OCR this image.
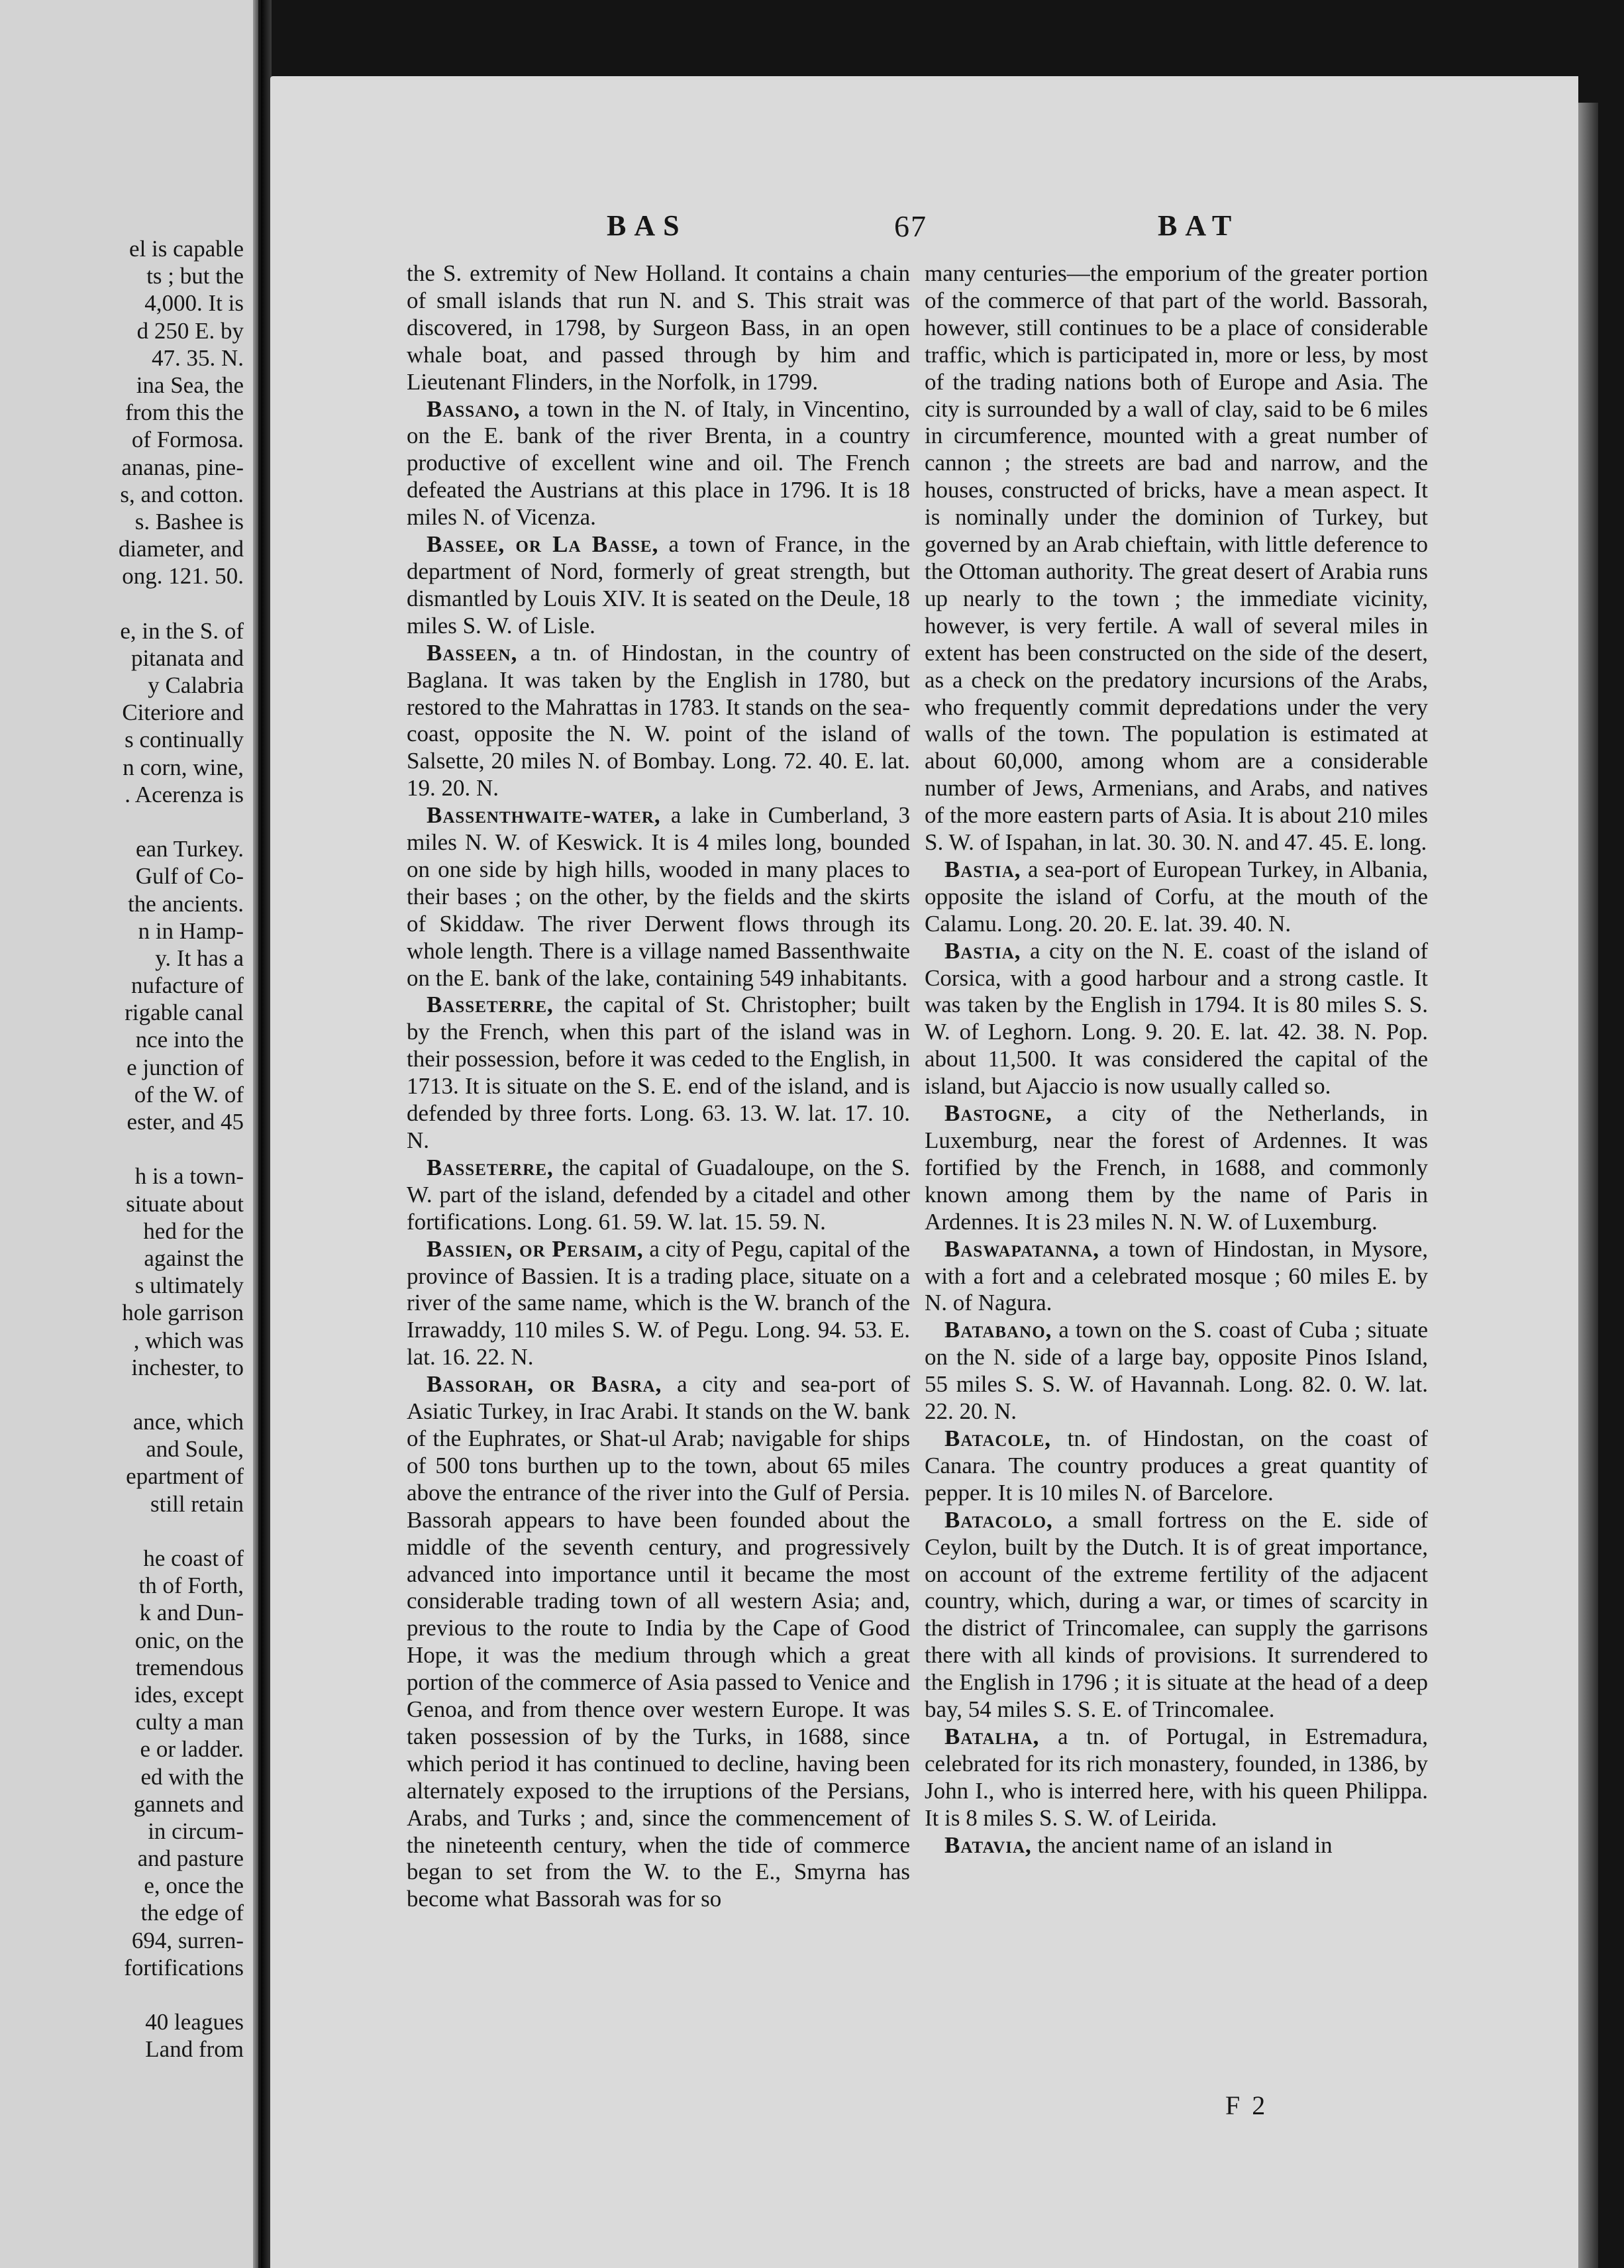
el is capable
ts ; but the
4,000. It is
d 250 E. by
47. 35. N.
ina Sea, the
from this the
of Formosa.
ananas, pine-
s, and cotton.
s. Bashee is
diameter, and
ong. 121. 50.
e, in the S. of
pitanata and
y Calabria
Citeriore and
s continually
n corn, wine,
. Acerenza is
ean Turkey.
Gulf of Co-
the ancients.
n in Hamp-
y. It has a
nufacture of
rigable canal
nce into the
e junction of
of the W. of
ester, and 45
h is a town-
situate about
hed for the
against the
s ultimately
hole garrison
, which was
inchester, to
ance, which
and Soule,
epartment of
still retain
he coast of
th of Forth,
k and Dun-
onic, on the
tremendous
ides, except
culty a man
e or ladder.
ed with the
gannets and
in circum-
and pasture
e, once the
the edge of
694, surren-
fortifications
40 leagues
Land from
BAS	67	BAT

the S. extremity of New Holland. It contains a chain of small islands that run N. and S. This strait was discovered, in 1798, by Surgeon Bass, in an open whale boat, and passed through by him and Lieutenant Flinders, in the Norfolk, in 1799.

Bassano, a town in the N. of Italy, in Vincentino, on the E. bank of the river Brenta, in a country productive of excellent wine and oil. The French defeated the Austrians at this place in 1796. It is 18 miles N. of Vicenza.

Bassee, or La Basse, a town of France, in the department of Nord, formerly of great strength, but dismantled by Louis XIV. It is seated on the Deule, 18 miles S. W. of Lisle.

Basseen, a tn. of Hindostan, in the country of Baglana. It was taken by the English in 1780, but restored to the Mahrattas in 1783. It stands on the sea-coast, opposite the N. W. point of the island of Salsette, 20 miles N. of Bombay. Long. 72. 40. E. lat. 19. 20. N.

Bassenthwaite-water, a lake in Cumberland, 3 miles N. W. of Keswick. It is 4 miles long, bounded on one side by high hills, wooded in many places to their bases ; on the other, by the fields and the skirts of Skiddaw. The river Derwent flows through its whole length. There is a village named Bassenthwaite on the E. bank of the lake, containing 549 inhabitants.

Basseterre, the capital of St. Christopher; built by the French, when this part of the island was in their possession, before it was ceded to the English, in 1713. It is situate on the S. E. end of the island, and is defended by three forts. Long. 63. 13. W. lat. 17. 10. N.

Basseterre, the capital of Guadaloupe, on the S. W. part of the island, defended by a citadel and other fortifications. Long. 61. 59. W. lat. 15. 59. N.

Bassien, or Persaim, a city of Pegu, capital of the province of Bassien. It is a trading place, situate on a river of the same name, which is the W. branch of the Irrawaddy, 110 miles S. W. of Pegu. Long. 94. 53. E. lat. 16. 22. N.

Bassorah, or Basra, a city and sea-port of Asiatic Turkey, in Irac Arabi. It stands on the W. bank of the Euphrates, or Shat-ul Arab; navigable for ships of 500 tons burthen up to the town, about 65 miles above the entrance of the river into the Gulf of Persia. Bassorah appears to have been founded about the middle of the seventh century, and progressively advanced into importance until it became the most considerable trading town of all western Asia; and, previous to the route to India by the Cape of Good Hope, it was the medium through which a great portion of the commerce of Asia passed to Venice and Genoa, and from thence over western Europe. It was taken possession of by the Turks, in 1688, since which period it has continued to decline, having been alternately exposed to the irruptions of the Persians, Arabs, and Turks ; and, since the commencement of the nineteenth century, when the tide of commerce began to set from the W. to the E., Smyrna has become what Bassorah was for so

many centuries—the emporium of the greater portion of the commerce of that part of the world. Bassorah, however, still continues to be a place of considerable traffic, which is participated in, more or less, by most of the trading nations both of Europe and Asia. The city is surrounded by a wall of clay, said to be 6 miles in circumference, mounted with a great number of cannon ; the streets are bad and narrow, and the houses, constructed of bricks, have a mean aspect. It is nominally under the dominion of Turkey, but governed by an Arab chieftain, with little deference to the Ottoman authority. The great desert of Arabia runs up nearly to the town ; the immediate vicinity, however, is very fertile. A wall of several miles in extent has been constructed on the side of the desert, as a check on the predatory incursions of the Arabs, who frequently commit depredations under the very walls of the town. The population is estimated at about 60,000, among whom are a considerable number of Jews, Armenians, and Arabs, and natives of the more eastern parts of Asia. It is about 210 miles S. W. of Ispahan, in lat. 30. 30. N. and 47. 45. E. long.

Bastia, a sea-port of European Turkey, in Albania, opposite the island of Corfu, at the mouth of the Calamu. Long. 20. 20. E. lat. 39. 40. N.

Bastia, a city on the N. E. coast of the island of Corsica, with a good harbour and a strong castle. It was taken by the English in 1794. It is 80 miles S. S. W. of Leghorn. Long. 9. 20. E. lat. 42. 38. N. Pop. about 11,500. It was considered the capital of the island, but Ajaccio is now usually called so.

Bastogne, a city of the Netherlands, in Luxemburg, near the forest of Ardennes. It was fortified by the French, in 1688, and commonly known among them by the name of Paris in Ardennes. It is 23 miles N. N. W. of Luxemburg.

Baswapatanna, a town of Hindostan, in Mysore, with a fort and a celebrated mosque ; 60 miles E. by N. of Nagura.

Batabano, a town on the S. coast of Cuba ; situate on the N. side of a large bay, opposite Pinos Island, 55 miles S. S. W. of Havannah. Long. 82. 0. W. lat. 22. 20. N.

Batacole, tn. of Hindostan, on the coast of Canara. The country produces a great quantity of pepper. It is 10 miles N. of Barcelore.

Batacolo, a small fortress on the E. side of Ceylon, built by the Dutch. It is of great importance, on account of the extreme fertility of the adjacent country, which, during a war, or times of scarcity in the district of Trincomalee, can supply the garrisons there with all kinds of provisions. It surrendered to the English in 1796 ; it is situate at the head of a deep bay, 54 miles S. S. E. of Trincomalee.

Batalha, a tn. of Portugal, in Estremadura, celebrated for its rich monastery, founded, in 1386, by John I., who is interred here, with his queen Philippa. It is 8 miles S. S. W. of Leirida.

Batavia, the ancient name of an island in

F 2
